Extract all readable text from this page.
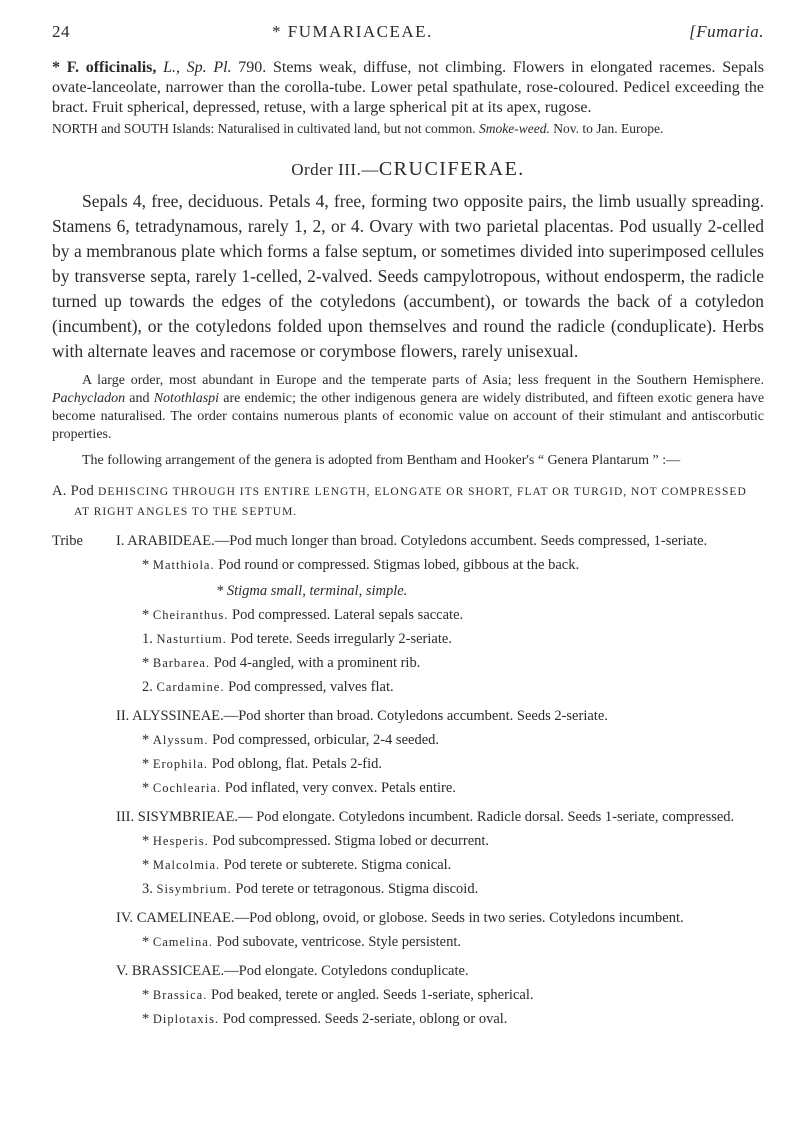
24	* FUMARIACEAE.	[Fumaria.
* F. officinalis, L., Sp. Pl. 790. Stems weak, diffuse, not climbing. Flowers in elongated racemes. Sepals ovate-lanceolate, narrower than the corolla-tube. Lower petal spathulate, rose-coloured. Pedicel exceeding the bract. Fruit spherical, depressed, retuse, with a large spherical pit at its apex, rugose.
NORTH and SOUTH Islands: Naturalised in cultivated land, but not common. Smoke-weed. Nov. to Jan. Europe.
Order III.—CRUCIFERAE.
Sepals 4, free, deciduous. Petals 4, free, forming two opposite pairs, the limb usually spreading. Stamens 6, tetradynamous, rarely 1, 2, or 4. Ovary with two parietal placentas. Pod usually 2-celled by a membranous plate which forms a false septum, or sometimes divided into superimposed cellules by transverse septa, rarely 1-celled, 2-valved. Seeds campylotropous, without endosperm, the radicle turned up towards the edges of the cotyledons (accumbent), or towards the back of a cotyledon (incumbent), or the cotyledons folded upon themselves and round the radicle (conduplicate). Herbs with alternate leaves and racemose or corymbose flowers, rarely unisexual.
A large order, most abundant in Europe and the temperate parts of Asia; less frequent in the Southern Hemisphere. Pachycladon and Notothlaspi are endemic; the other indigenous genera are widely distributed, and fifteen exotic genera have become naturalised. The order contains numerous plants of economic value on account of their stimulant and antiscorbutic properties.
The following arrangement of the genera is adopted from Bentham and Hooker's “ Genera Plantarum ” :—
A. Pod DEHISCING THROUGH ITS ENTIRE LENGTH, ELONGATE OR SHORT, FLAT OR TURGID, NOT COMPRESSED AT RIGHT ANGLES TO THE SEPTUM.
Tribe I. ARABIDEAE.—Pod much longer than broad. Cotyledons accumbent. Seeds compressed, 1-seriate.
* Matthiola. Pod round or compressed. Stigmas lobed, gibbous at the back.
* Stigma small, terminal, simple.
* Cheiranthus. Pod compressed. Lateral sepals saccate.
1. Nasturtium. Pod terete. Seeds irregularly 2-seriate.
* Barbarea. Pod 4-angled, with a prominent rib.
2. Cardamine. Pod compressed, valves flat.
II. ALYSSINEAE.—Pod shorter than broad. Cotyledons accumbent. Seeds 2-seriate.
* Alyssum. Pod compressed, orbicular, 2-4 seeded.
* Erophila. Pod oblong, flat. Petals 2-fid.
* Cochlearia. Pod inflated, very convex. Petals entire.
III. SISYMBRIEAE.— Pod elongate. Cotyledons incumbent. Radicle dorsal. Seeds 1-seriate, compressed.
* Hesperis. Pod subcompressed. Stigma lobed or decurrent.
* Malcolmia. Pod terete or subterete. Stigma conical.
3. Sisymbrium. Pod terete or tetragonous. Stigma discoid.
IV. CAMELINEAE.—Pod oblong, ovoid, or globose. Seeds in two series. Cotyledons incumbent.
* Camelina. Pod subovate, ventricose. Style persistent.
V. BRASSICEAE.—Pod elongate. Cotyledons conduplicate.
* Brassica. Pod beaked, terete or angled. Seeds 1-seriate, spherical.
* Diplotaxis. Pod compressed. Seeds 2-seriate, oblong or oval.
